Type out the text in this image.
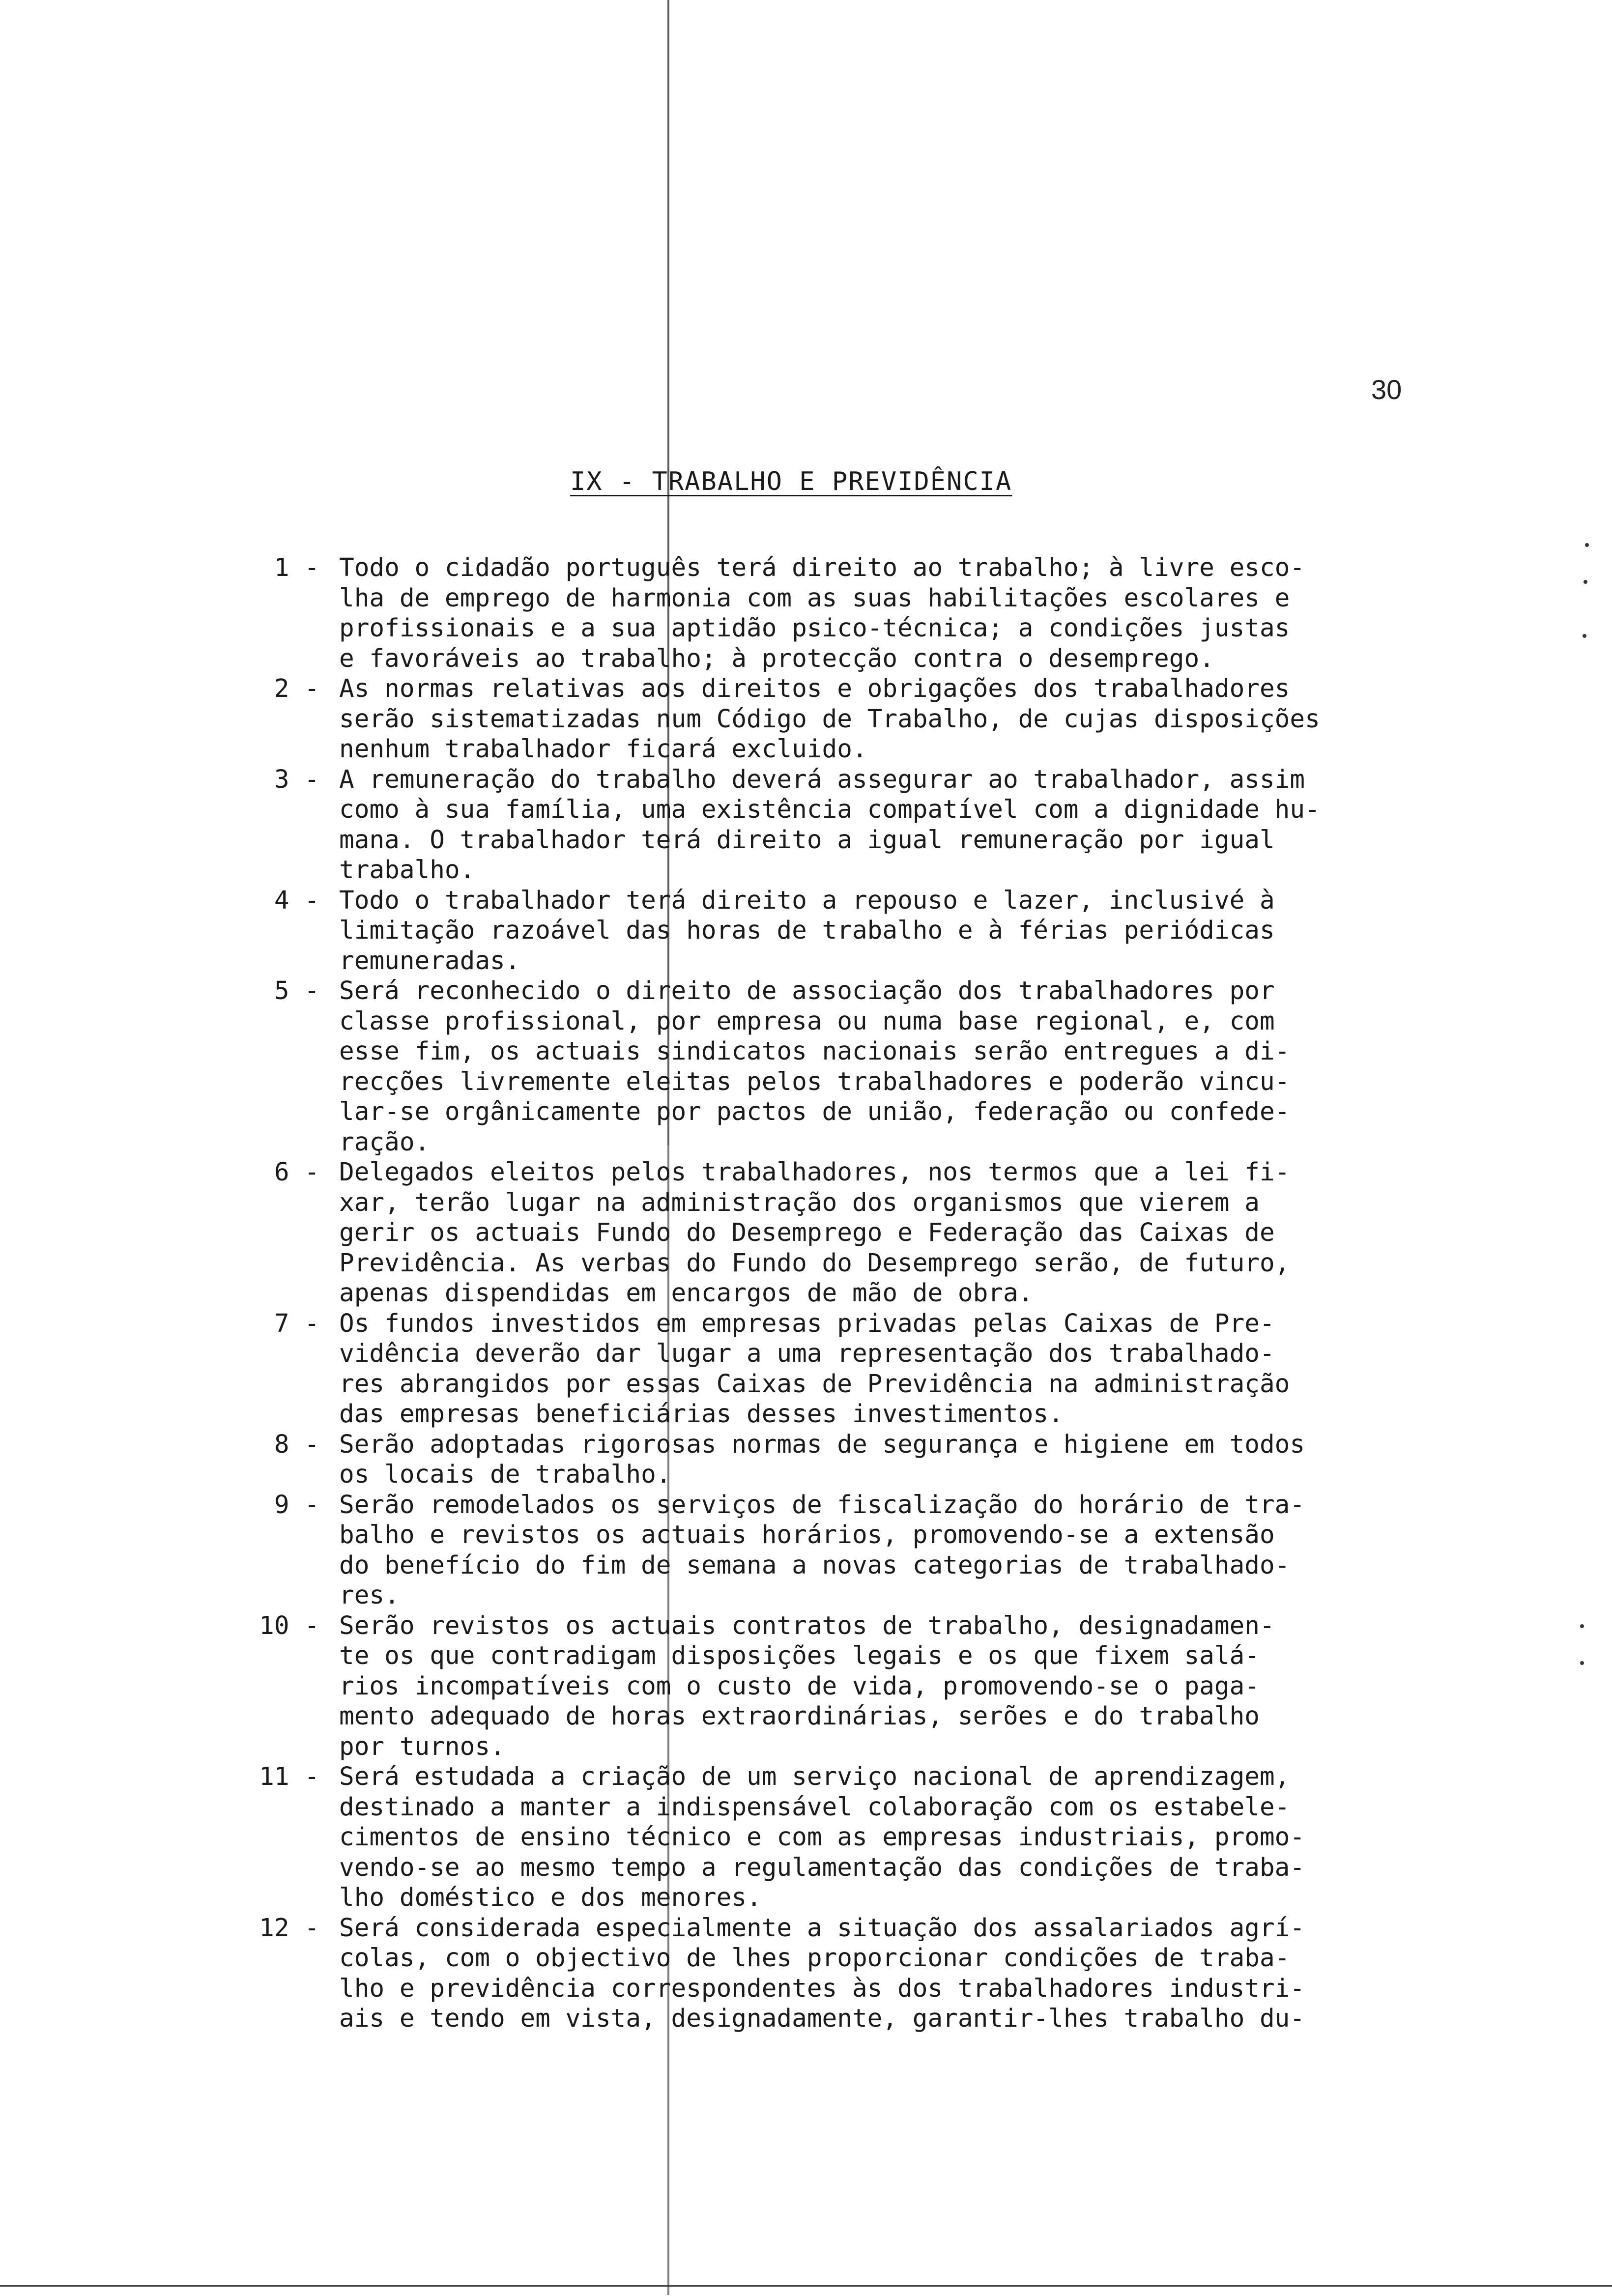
30
IX - TRABALHO E PREVIDÊNCIA
1 - Todo o cidadão português terá direito ao trabalho; à livre esco-
lha de emprego de harmonia com as suas habilitações escolares e
profissionais e a sua aptidão psico-técnica; a condições justas
e favoráveis ao trabalho; à protecção contra o desemprego.
2 - As normas relativas aos direitos e obrigações dos trabalhadores
serão sistematizadas num Código de Trabalho, de cujas disposições
nenhum trabalhador ficará excluido.
3 - A remuneração do trabalho deverá assegurar ao trabalhador, assim
como à sua família, uma existência compatível com a dignidade hu-
mana. O trabalhador terá direito a igual remuneração por igual
trabalho.
4 - Todo o trabalhador terá direito a repouso e lazer, inclusivé à
limitação razoável das horas de trabalho e à férias periódicas
remuneradas.
5 - Será reconhecido o direito de associação dos trabalhadores por
classe profissional, por empresa ou numa base regional, e, com
esse fim, os actuais sindicatos nacionais serão entregues a di-
recções livremente eleitas pelos trabalhadores e poderão vincu-
lar-se orgânicamente por pactos de união, federação ou confede-
ração.
6 - Delegados eleitos pelos trabalhadores, nos termos que a lei fi-
xar, terão lugar na administração dos organismos que vierem a
gerir os actuais Fundo do Desemprego e Federação das Caixas de
Previdência. As verbas do Fundo do Desemprego serão, de futuro,
apenas dispendidas em encargos de mão de obra.
7 - Os fundos investidos em empresas privadas pelas Caixas de Pre-
vidência deverão dar lugar a uma representação dos trabalhado-
res abrangidos por essas Caixas de Previdência na administração
das empresas beneficiárias desses investimentos.
8 - Serão adoptadas rigorosas normas de segurança e higiene em todos
os locais de trabalho.
9 - Serão remodelados os serviços de fiscalização do horário de tra-
balho e revistos os actuais horários, promovendo-se a extensão
do benefício do fim de semana a novas categorias de trabalhado-
res.
10 - Serão revistos os actuais contratos de trabalho, designadamen-
te os que contradigam disposições legais e os que fixem salá-
rios incompatíveis com o custo de vida, promovendo-se o paga-
mento adequado de horas extraordinárias, serões e do trabalho
por turnos.
11 - Será estudada a criação de um serviço nacional de aprendizagem,
destinado a manter a indispensável colaboração com os estabele-
cimentos de ensino técnico e com as empresas industriais, promo-
vendo-se ao mesmo tempo a regulamentação das condições de traba-
lho doméstico e dos menores.
12 - Será considerada especialmente a situação dos assalariados agrí-
colas, com o objectivo de lhes proporcionar condições de traba-
lho e previdência correspondentes às dos trabalhadores industri-
ais e tendo em vista, designadamente, garantir-lhes trabalho du-
